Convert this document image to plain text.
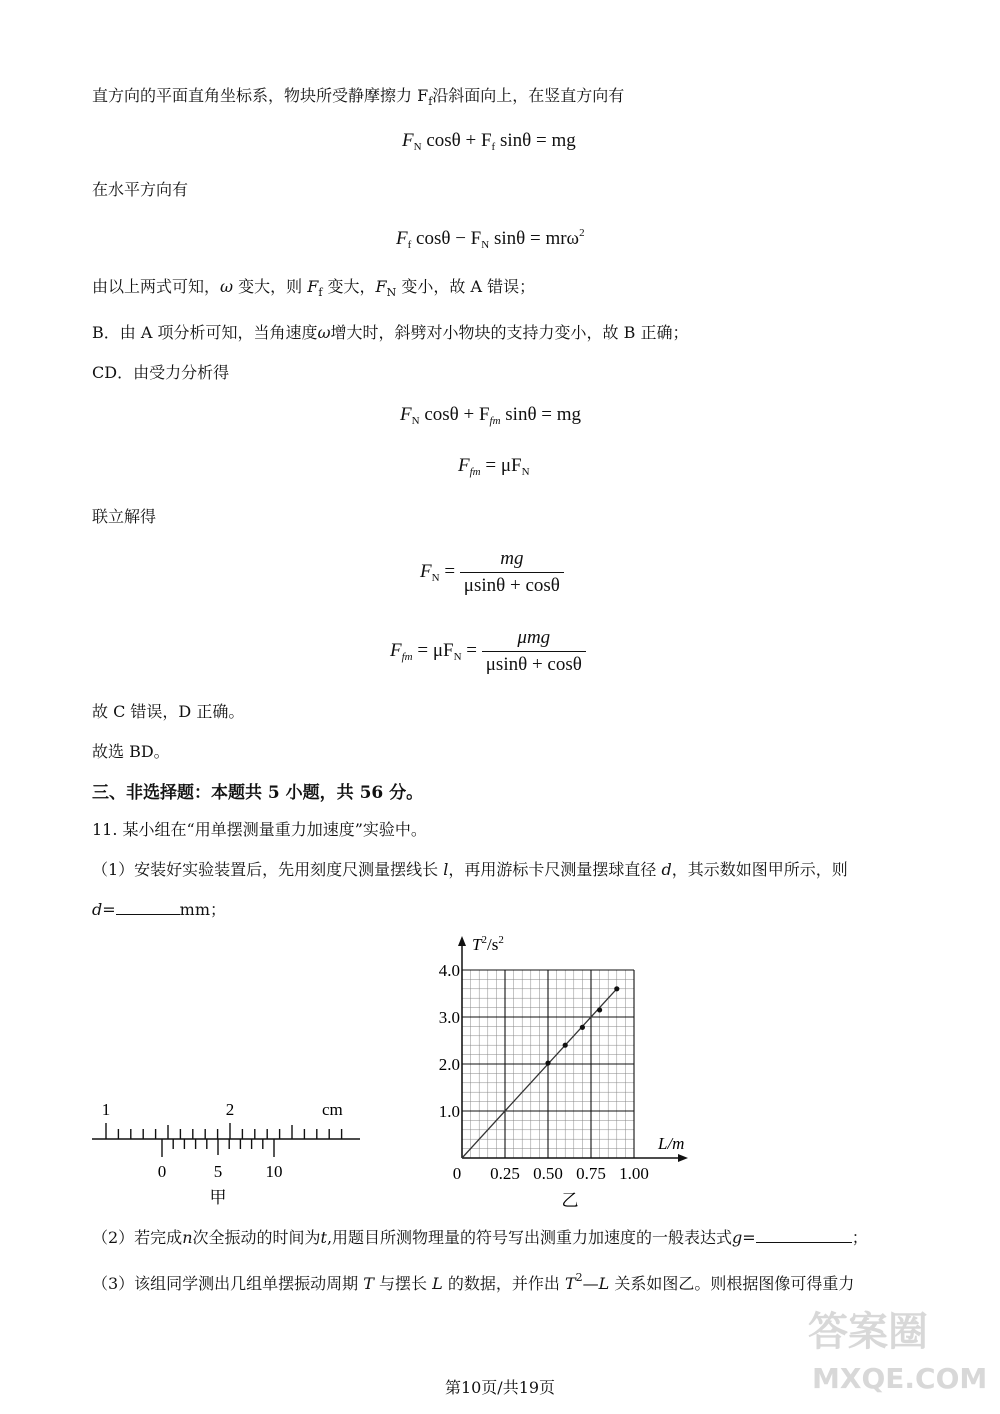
直方向的平面直角坐标系，物块所受静摩擦力 $F_f$沿斜面向上，在竖直方向有
$F_N$ $\cos\theta + F_f$ sinθ = mg
在水平方向有
$F_f$ $\cos\theta - F_N$ sinθ = mrω$^2$
由以上两式可知，ω 变大，则 $F_f$ 变大，$F_N$ 变小，故 A 错误；
B．由 A 项分析可知，当角速度ω增大时，斜劈对小物块的支持力变小，故 B 正确；
CD．由受力分析得
$F_N$ $\cos\theta + F_{fm}$ sinθ = mg
$F_{fm} = \mu F_N$
联立解得
$F_N = \frac{mg}{\mu\sin\theta + \cos\theta}$
$F_{fm} = \mu F_N = \frac{\text{μmg}}{\mu\sin\theta + \cos\theta}$
故 C 错误，D 正确。
故选 BD。
三、非选择题：本题共 5 小题，共 56 分。
11. 某小组在“用单摆测量重力加速度”实验中。
（1）安装好实验装置后，先用刻度尺测量摆线长 l，再用游标卡尺测量摆球直径 d，其示数如图甲所示，则
d=	mm；
1	2	cm
0	5	10
甲
$T^2/s^2$
L/m
0 0.25 0.50 0.75 1.00
1.0
2.0
3.0
4.0
乙
（2）若完成n次全振动的时间为t,用题目所测物理量的符号写出测重力加速度的一般表达式g=	；
（3）该组同学测出几组单摆振动周期 T 与摆长 L 的数据，并作出 $T^2—L$ 关系如图乙。则根据图像可得重力
答案圈
MXQE.COM
第10页/共19页
